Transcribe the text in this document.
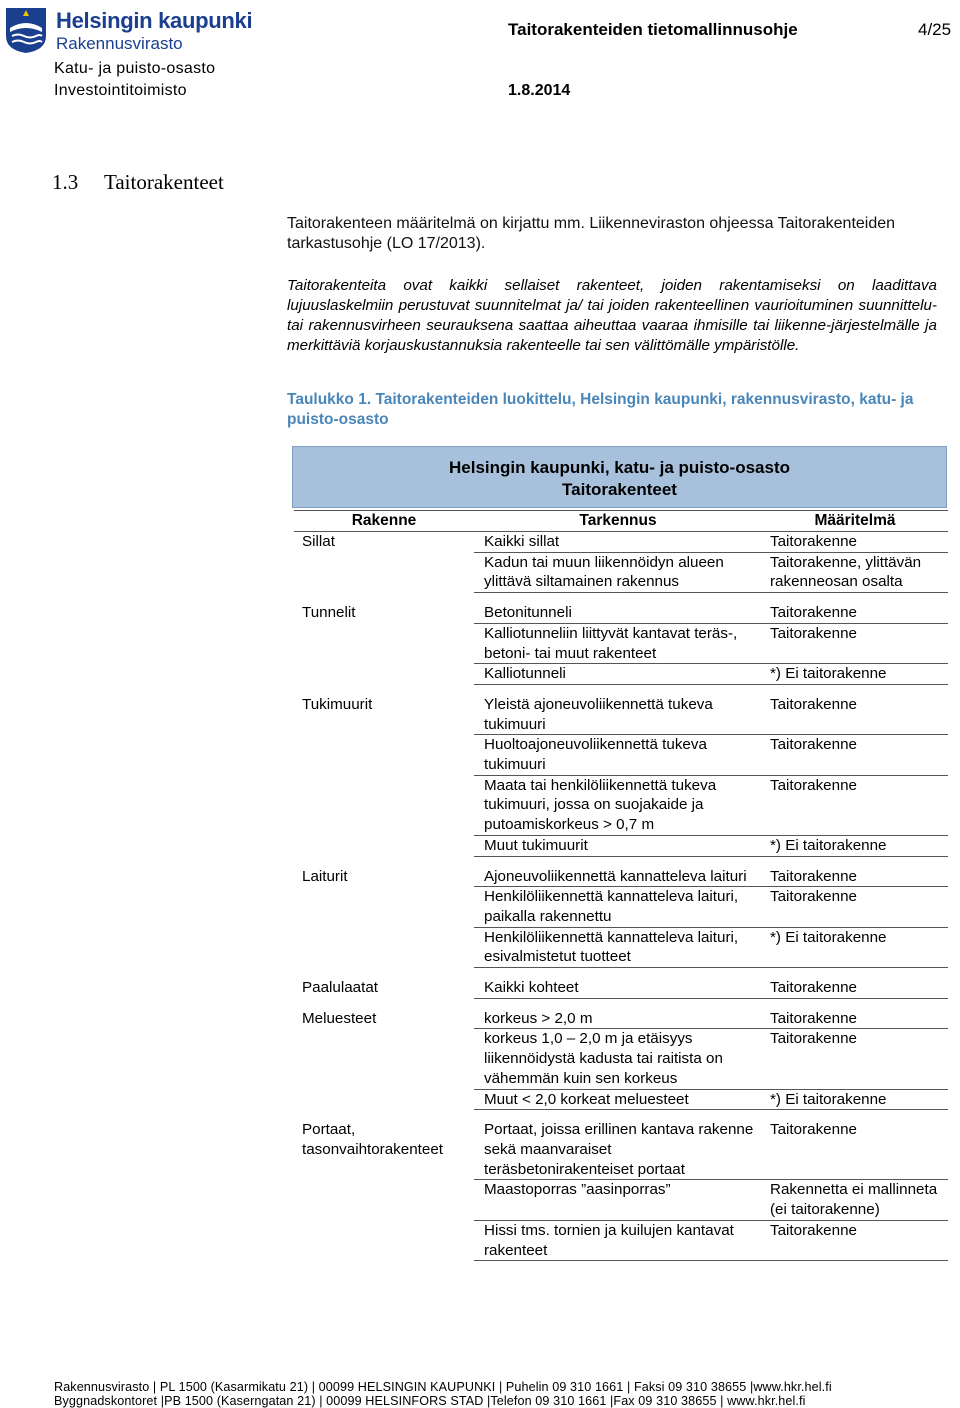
Helsingin kaupunki
Rakennusvirasto
Taitorakenteiden tietomallinnusohje	4/25
Katu- ja puisto-osasto
Investointitoimisto	1.8.2014
1.3 Taitorakenteet
Taitorakenteen määritelmä on kirjattu mm. Liikenneviraston ohjeessa Taitorakenteiden tarkastusohje (LO 17/2013).
Taitorakenteita ovat kaikki sellaiset rakenteet, joiden rakentamiseksi on laadittava lujuuslaskelmiin perustuvat suunnitelmat ja/ tai joiden rakenteellinen vaurioituminen suunnittelu- tai rakennusvirheen seurauksena saattaa aiheuttaa vaaraa ihmisille tai liikenne-järjestelmälle ja merkittäviä korjauskustannuksia rakenteelle tai sen välittömälle ympäristölle.
Taulukko 1. Taitorakenteiden luokittelu, Helsingin kaupunki, rakennusvirasto, katu- ja puisto-osasto
Helsingin kaupunki, katu- ja puisto-osasto
Taitorakenteet
Rakenne	Tarkennus	Määritelmä
Sillat	Kaikki sillat	Taitorakenne
	Kadun tai muun liikennöidyn alueen ylittävä siltamainen rakennus	Taitorakenne, ylittävän rakenneosan osalta

Tunnelit	Betonitunneli	Taitorakenne
	Kalliotunneliin liittyvät kantavat teräs-, betoni- tai muut rakenteet	Taitorakenne
	Kalliotunneli	*) Ei taitorakenne

Tukimuurit	Yleistä ajoneuvoliikennettä tukeva tukimuuri	Taitorakenne
	Huoltoajoneuvoliikennettä tukeva tukimuuri	Taitorakenne
	Maata tai henkilöliikennettä tukeva tukimuuri, jossa on suojakaide ja putoamiskorkeus > 0,7 m	Taitorakenne
	Muut tukimuurit	*) Ei taitorakenne

Laiturit	Ajoneuvoliikennettä kannatteleva laituri	Taitorakenne
	Henkilöliikennettä kannatteleva laituri, paikalla rakennettu	Taitorakenne
	Henkilöliikennettä kannatteleva laituri, esivalmistetut tuotteet	*) Ei taitorakenne

Paalulaatat	Kaikki kohteet	Taitorakenne

Meluesteet	korkeus > 2,0 m	Taitorakenne
	korkeus 1,0 – 2,0 m ja etäisyys liikennöidystä kadusta tai raitista on vähemmän kuin sen korkeus	Taitorakenne
	Muut < 2,0 korkeat meluesteet	*) Ei taitorakenne

Portaat, tasonvaihtorakenteet	Portaat, joissa erillinen kantava rakenne sekä maanvaraiset teräsbetonirakenteiset portaat	Taitorakenne
	Maastoporras ”aasinporras”	Rakennetta ei mallinneta (ei taitorakenne)
	Hissi tms. tornien ja kuilujen kantavat rakenteet	Taitorakenne
Rakennusvirasto | PL 1500 (Kasarmikatu 21) | 00099 HELSINGIN KAUPUNKI | Puhelin 09 310 1661 | Faksi 09 310 38655 |www.hkr.hel.fi
Byggnadskontoret |PB 1500 (Kaserngatan 21) | 00099 HELSINFORS STAD |Telefon 09 310 1661 |Fax 09 310 38655 | www.hkr.hel.fi
